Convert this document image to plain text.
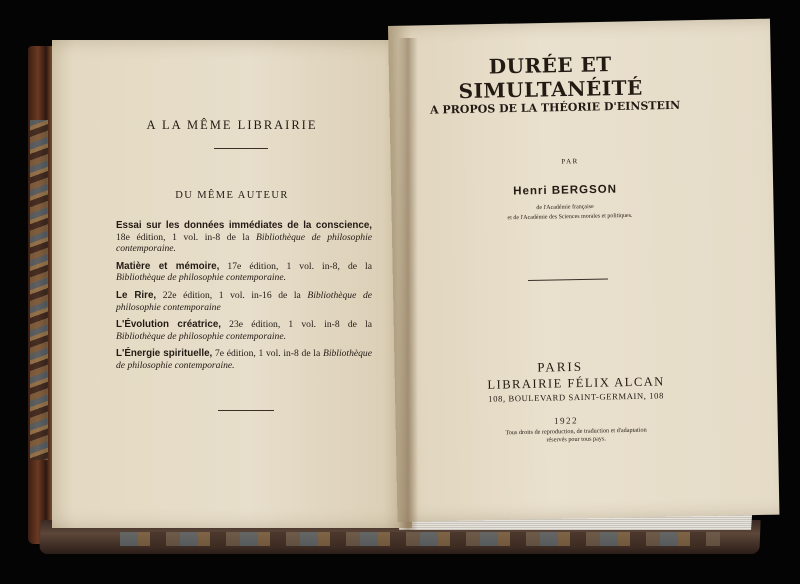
A LA MÊME LIBRAIRIE
DU MÊME AUTEUR
Essai sur les données immédiates de la conscience, 18e édition, 1 vol. in-8 de la Bibliothèque de philosophie contemporaine.
Matière et mémoire, 17e édition, 1 vol. in-8, de la Bibliothèque de philosophie contemporaine.
Le Rire, 22e édition, 1 vol. in-16 de la Bibliothèque de philosophie contemporaine
L'Évolution créatrice, 23e édition, 1 vol. in-8 de la Bibliothèque de philosophie contemporaine.
L'Énergie spirituelle, 7e édition, 1 vol. in-8 de la Bibliothèque de philosophie contemporaine.
DURÉE ET SIMULTANÉITÉ
A PROPOS DE LA THÉORIE D'EINSTEIN
PAR
Henri BERGSON
de l'Académie française
et de l'Académie des Sciences morales et politiques.
PARIS
LIBRAIRIE FÉLIX ALCAN
108, BOULEVARD SAINT-GERMAIN, 108
1922
Tous droits de reproduction, de traduction et d'adaptation
réservés pour tous pays.
